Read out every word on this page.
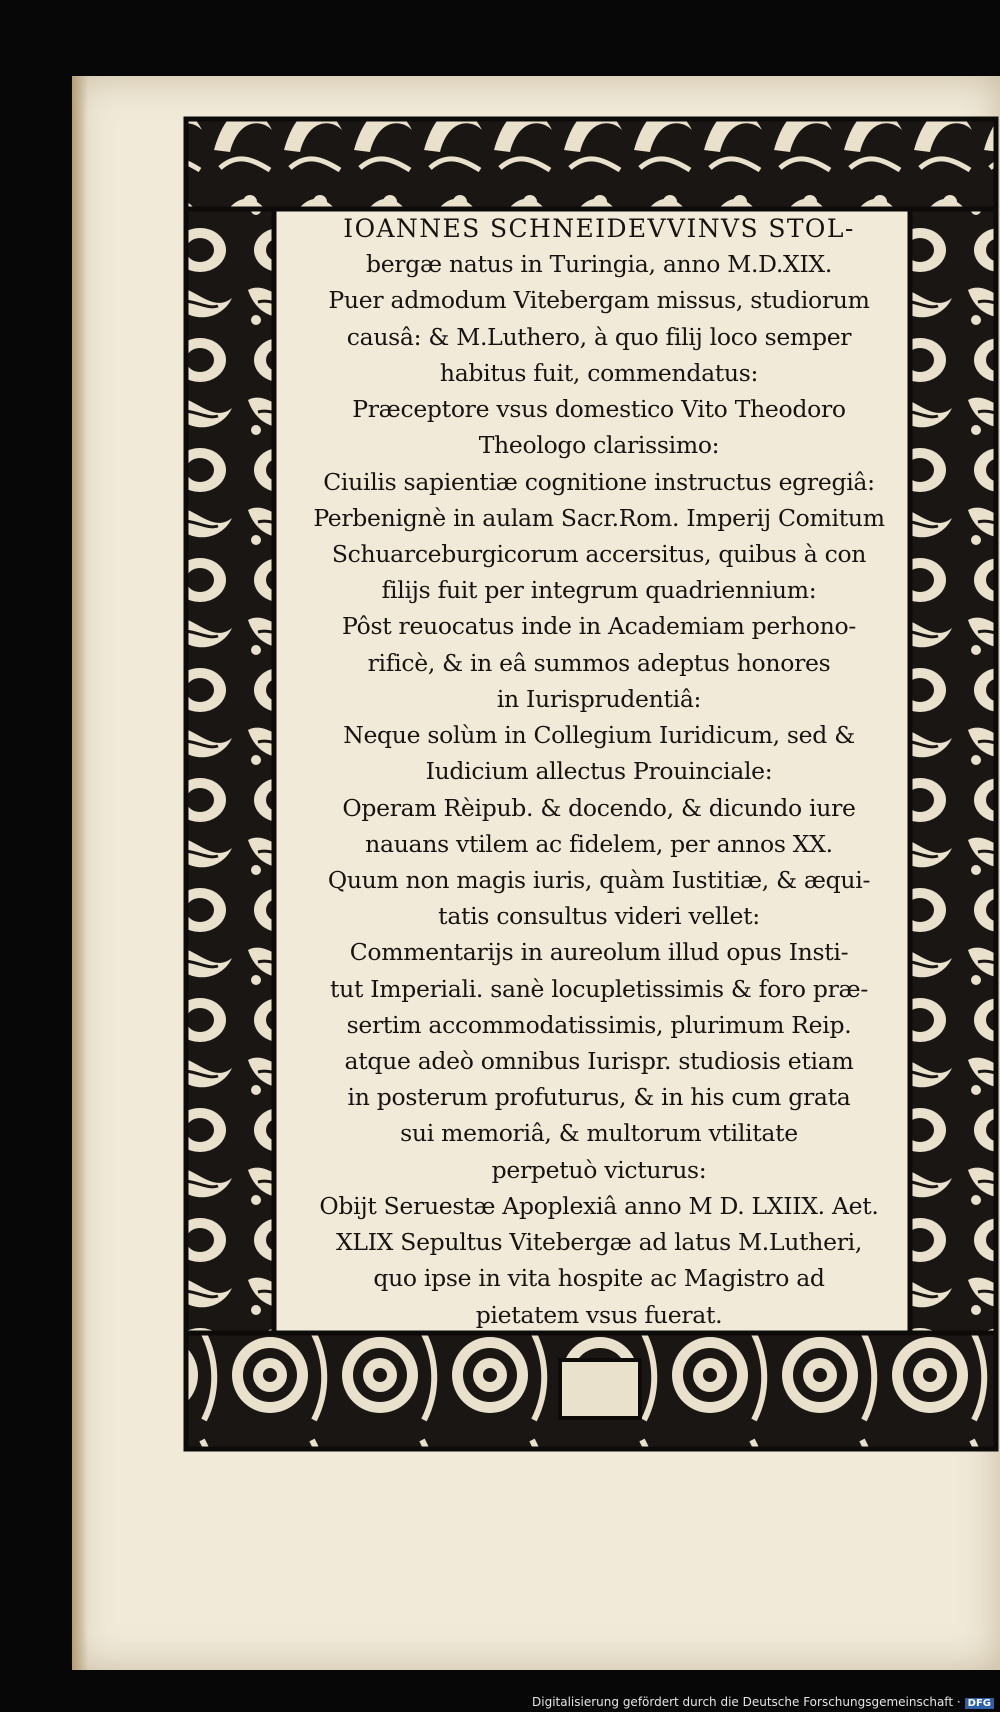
IOANNES SCHNEIDEVVINVS STOL-
bergæ natus in Turingia, anno M.D.XIX.
Puer admodum Vitebergam missus, studiorum
causâ: & M.Luthero, à quo filij loco semper
habitus fuit, commendatus:
Præceptore vsus domestico Vito Theodoro
Theologo clarissimo:
Ciuilis sapientiæ cognitione instructus egregiâ:
Perbenignè in aulam Sacr.Rom. Imperij Comitum
Schuarceburgicorum accersitus, quibus à con
filijs fuit per integrum quadriennium:
Pôst reuocatus inde in Academiam perhono-
rificè, & in eâ summos adeptus honores
in Iurisprudentiâ:
Neque solùm in Collegium Iuridicum, sed &
Iudicium allectus Prouinciale:
Operam Rèipub. & docendo, & dicundo iure
nauans vtilem ac fidelem, per annos XX.
Quum non magis iuris, quàm Iustitiæ, & æqui-
tatis consultus videri vellet:
Commentarijs in aureolum illud opus Insti-
tut Imperiali. sanè locupletissimis & foro præ-
sertim accommodatissimis, plurimum Reip.
atque adeò omnibus Iurispr. studiosis etiam
in posterum profuturus, & in his cum grata
sui memoriâ, & multorum vtilitate
perpetuò victurus:
Obijt Seruestæ Apoplexiâ anno M D. LXIIX. Aet.
XLIX Sepultus Vitebergæ ad latus M.Lutheri,
quo ipse in vita hospite ac Magistro ad
pietatem vsus fuerat.
Digitalisierung gefördert durch die Deutsche Forschungsgemeinschaft · DFG
